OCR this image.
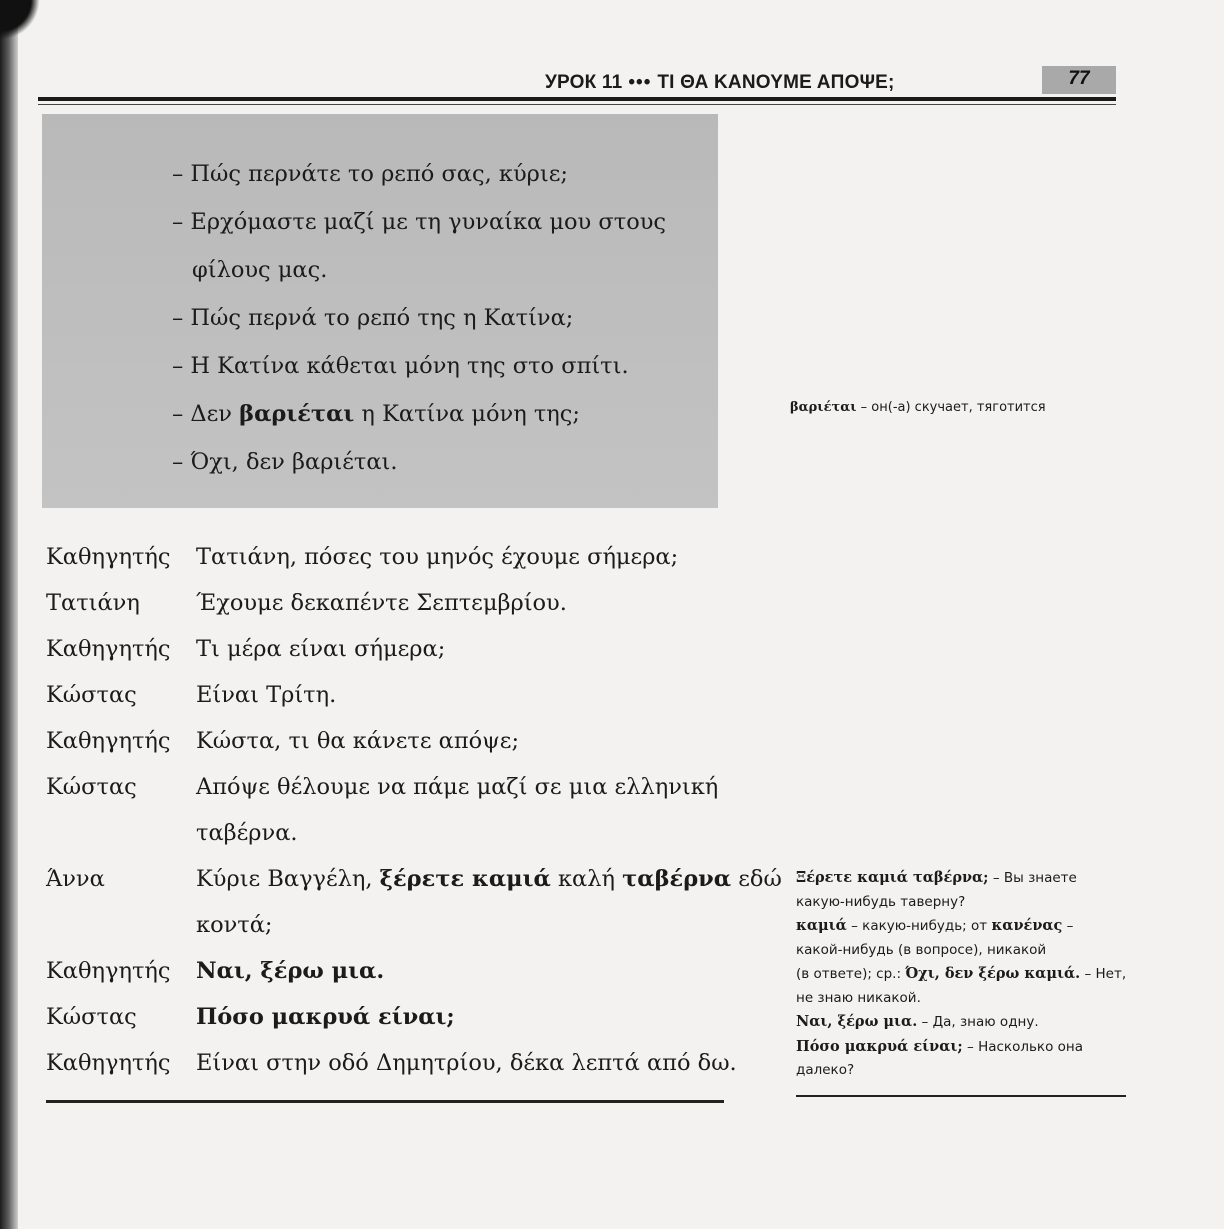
УРОК 11 ••• ΤΙ ΘΑ ΚΑΝΟΥΜΕ ΑΠΟΨΕ;	77
– Πώς περνάτε το ρεπό σας, κύριε;
– Ερχόμαστε μαζί με τη γυναίκα μου στους
φίλους μας.
– Πώς περνά το ρεπό της η Κατίνα;
– Η Κατίνα κάθεται μόνη της στο σπίτι.
– Δεν βαριέται η Κατίνα μόνη της;
– Όχι, δεν βαριέται.
βαριέται – он(-а) скучает, тяготится
Καθηγητής	Τατιάνη, πόσες του μηνός έχουμε σήμερα;
Τατιάνη	Έχουμε δεκαπέντε Σεπτεμβρίου.
Καθηγητής	Τι μέρα είναι σήμερα;
Κώστας	Είναι Τρίτη.
Καθηγητής	Κώστα, τι θα κάνετε απόψε;
Κώστας	Απόψε θέλουμε να πάμε μαζί σε μια ελληνική
ταβέρνα.
Άννα	Κύριε Βαγγέλη, ξέρετε καμιά καλή ταβέρνα εδώ
κοντά;
Καθηγητής	Ναι, ξέρω μια.
Κώστας	Πόσο μακρυά είναι;
Καθηγητής	Είναι στην οδό Δημητρίου, δέκα λεπτά από δω.
Ξέρετε καμιά ταβέρνα; – Вы знаете
какую-нибудь таверну?
καμιά – какую-нибудь; от κανένας –
какой-нибудь (в вопросе), никакой
(в ответе); ср.: Όχι, δεν ξέρω καμιά. – Нет,
не знаю никакой.
Ναι, ξέρω μια. – Да, знаю одну.
Πόσο μακρυά είναι; – Насколько она
далеко?
